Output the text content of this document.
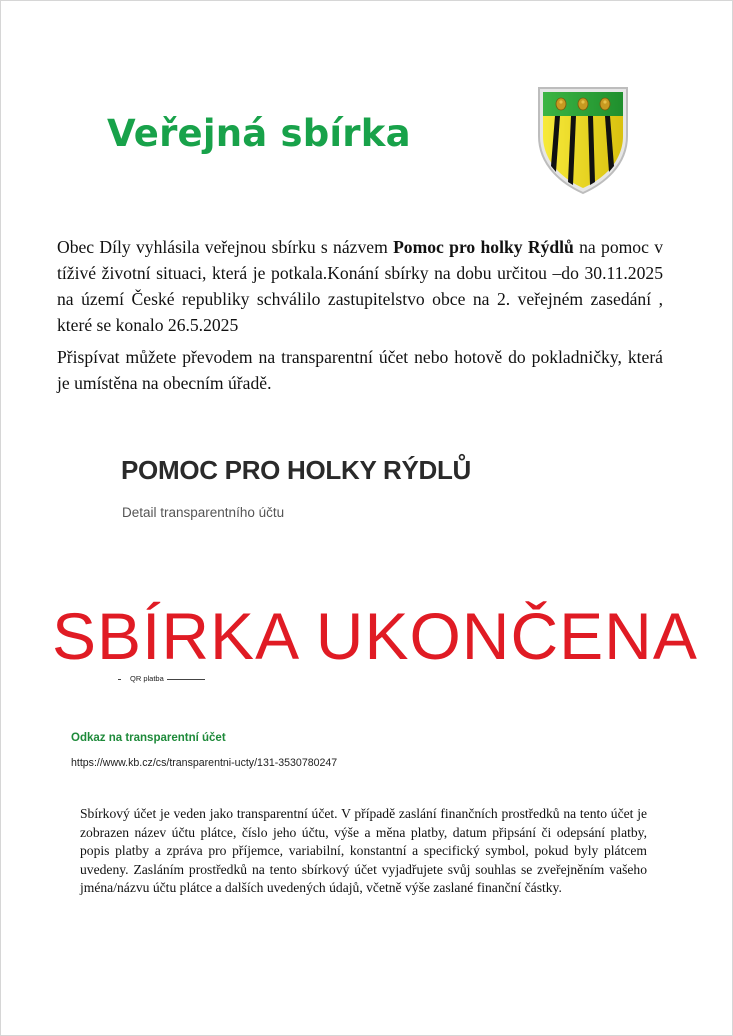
Veřejná sbírka

Obec Díly vyhlásila veřejnou sbírku s názvem Pomoc pro holky Rýdlů na pomoc v tíživé životní situaci, která je potkala.Konání sbírky na dobu určitou –do 30.11.2025 na území České republiky schválilo zastupitelstvo obce na 2. veřejném zasedání , které se konalo 26.5.2025

Přispívat můžete převodem na transparentní účet nebo hotově do pokladničky, která je umístěna na obecním úřadě.

POMOC PRO HOLKY RÝDLŮ
Detail transparentního účtu
SBÍRKA UKONČENA
QR platba
Odkaz na transparentní účet
https://www.kb.cz/cs/transparentni-ucty/131-3530780247
Sbírkový účet je veden jako transparentní účet. V případě zaslání finančních prostředků na tento účet je zobrazen název účtu plátce, číslo jeho účtu, výše a měna platby, datum připsání či odepsání platby, popis platby a zpráva pro příjemce, variabilní, konstantní a specifický symbol, pokud byly plátcem uvedeny. Zasláním prostředků na tento sbírkový účet vyjadřujete svůj souhlas se zveřejněním vašeho jména/názvu účtu plátce a dalších uvedených údajů, včetně výše zaslané finanční částky.
